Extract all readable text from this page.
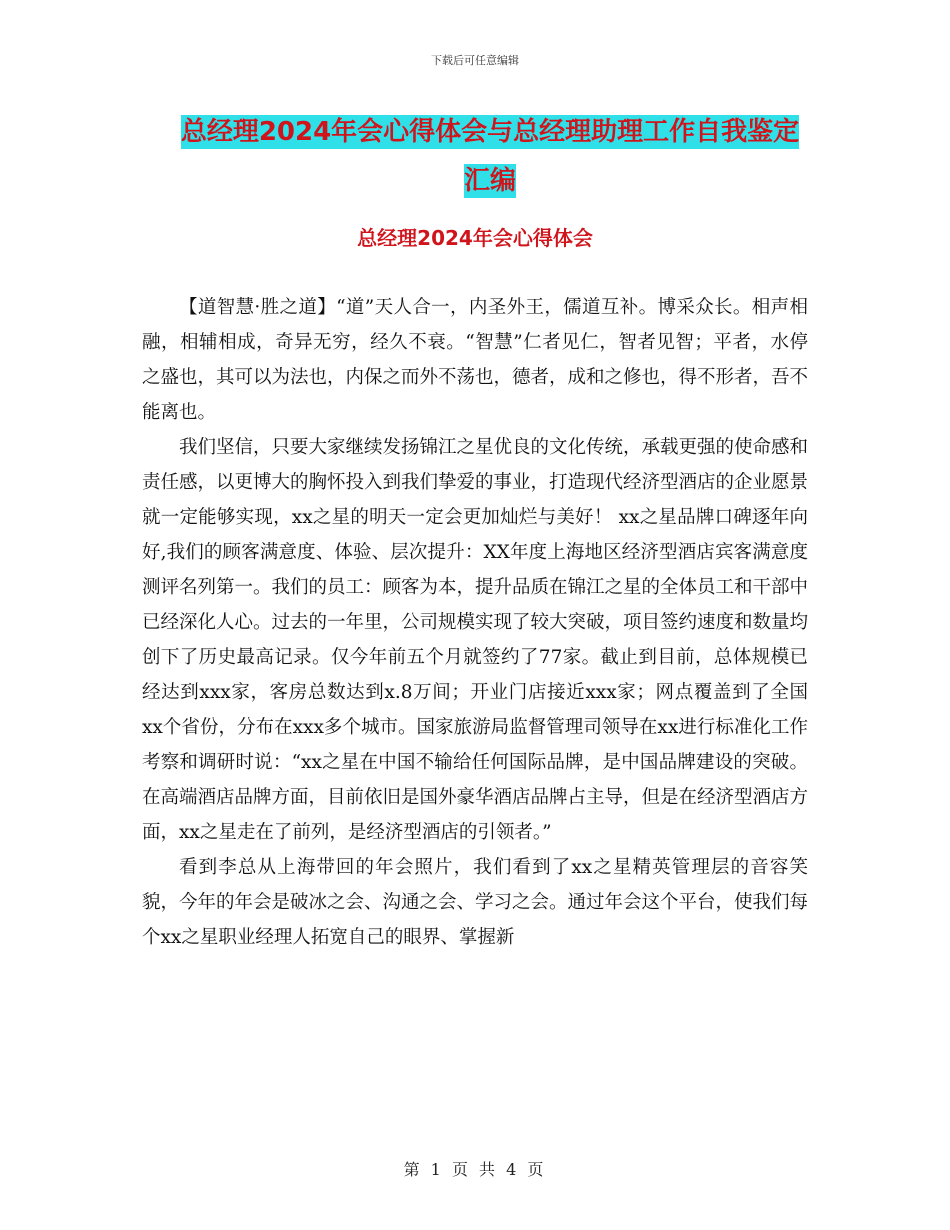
下载后可任意编辑
总经理2024年会心得体会与总经理助理工作自我鉴定
汇编
总经理2024年会心得体会

【道智慧·胜之道】“道”天人合一，内圣外王，儒道互补。博采众长。相声相融，相辅相成，奇异无穷，经久不衰。“智慧”仁者见仁，智者见智；平者，水停之盛也，其可以为法也，内保之而外不荡也，德者，成和之修也，得不形者，吾不能离也。

我们坚信，只要大家继续发扬锦江之星优良的文化传统，承载更强的使命感和责任感，以更博大的胸怀投入到我们挚爱的事业，打造现代经济型酒店的企业愿景就一定能够实现，xx之星的明天一定会更加灿烂与美好！ xx之星品牌口碑逐年向好,我们的顾客满意度、体验、层次提升：XX年度上海地区经济型酒店宾客满意度测评名列第一。我们的员工：顾客为本，提升品质在锦江之星的全体员工和干部中已经深化人心。过去的一年里，公司规模实现了较大突破，项目签约速度和数量均创下了历史最高记录。仅今年前五个月就签约了77家。截止到目前，总体规模已经达到xxx家，客房总数达到x.8万间；开业门店接近xxx家；网点覆盖到了全国 xx个省份，分布在xxx多个城市。国家旅游局监督管理司领导在xx进行标准化工作考察和调研时说：“xx之星在中国不输给任何国际品牌，是中国品牌建设的突破。在高端酒店品牌方面，目前依旧是国外豪华酒店品牌占主导，但是在经济型酒店方面，xx之星走在了前列，是经济型酒店的引领者。”

看到李总从上海带回的年会照片，我们看到了xx之星精英管理层的音容笑貌，今年的年会是破冰之会、沟通之会、学习之会。通过年会这个平台，使我们每个xx之星职业经理人拓宽自己的眼界、掌握新

第 1 页 共 4 页
